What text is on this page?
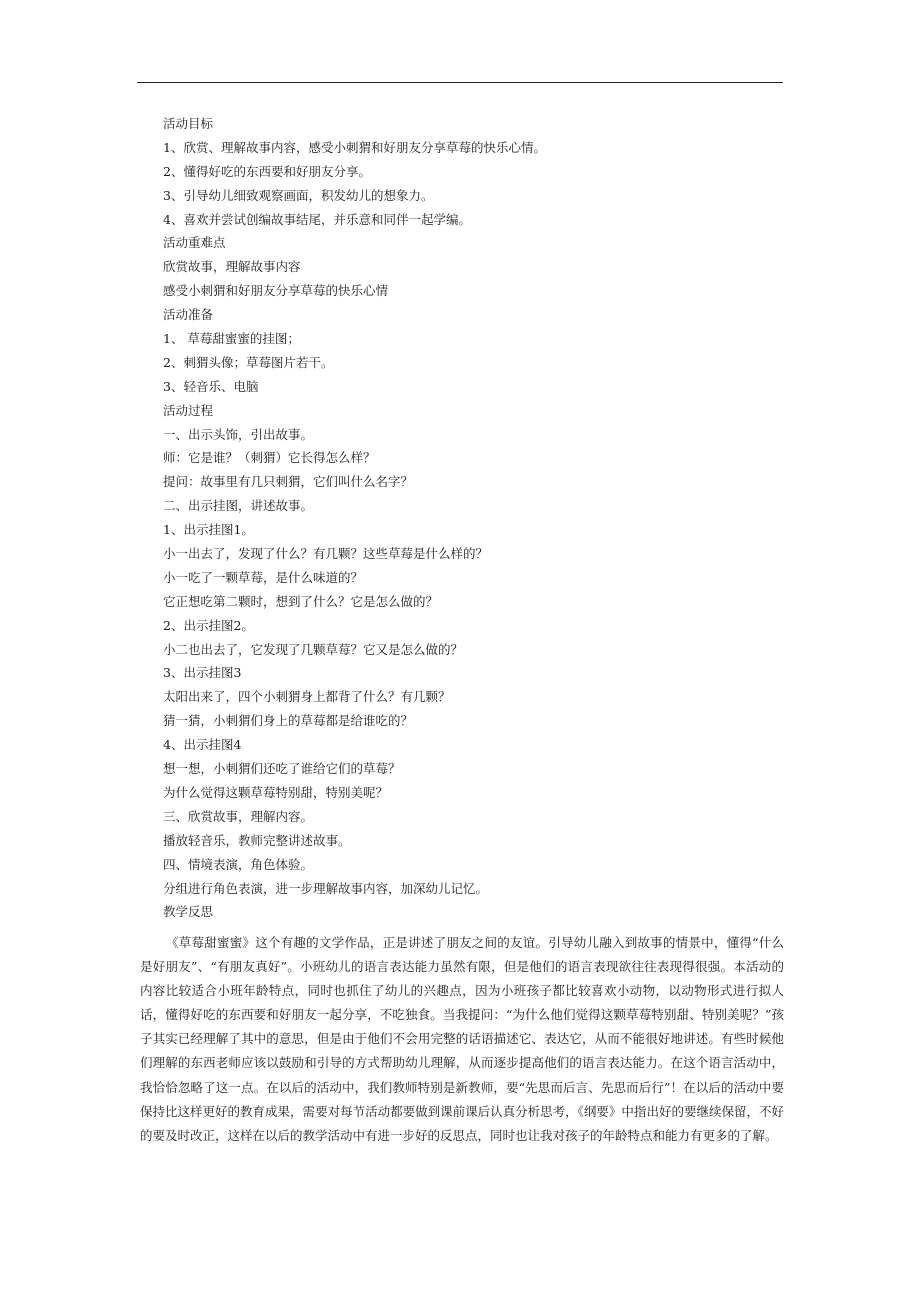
活动目标
1、欣赏、理解故事内容，感受小刺猬和好朋友分享草莓的快乐心情。
2、懂得好吃的东西要和好朋友分享。
3、引导幼儿细致观察画面，积发幼儿的想象力。
4、喜欢并尝试创编故事结尾，并乐意和同伴一起学编。
活动重难点
欣赏故事，理解故事内容
感受小刺猬和好朋友分享草莓的快乐心情
活动准备
1、 草莓甜蜜蜜的挂图；
2、刺猬头像；草莓图片若干。
3、轻音乐、电脑
活动过程
一、出示头饰，引出故事。
师：它是谁？（刺猬）它长得怎么样？
提问：故事里有几只刺猬，它们叫什么名字？
二、出示挂图，讲述故事。
1、出示挂图1。
小一出去了，发现了什么？有几颗？这些草莓是什么样的？
小一吃了一颗草莓，是什么味道的？
它正想吃第二颗时，想到了什么？它是怎么做的？
2、出示挂图2。
小二也出去了，它发现了几颗草莓？它又是怎么做的？
3、出示挂图3
太阳出来了，四个小刺猬身上都背了什么？有几颗？
猜一猜，小刺猬们身上的草莓都是给谁吃的？
4、出示挂图4
想一想，小刺猬们还吃了谁给它们的草莓？
为什么觉得这颗草莓特别甜，特别美呢？
三、欣赏故事，理解内容。
播放轻音乐，教师完整讲述故事。
四、情境表演，角色体验。
分组进行角色表演，进一步理解故事内容，加深幼儿记忆。
教学反思

《草莓甜蜜蜜》这个有趣的文学作品，正是讲述了朋友之间的友谊。引导幼儿融入到故事的情景中，懂得“什么是好朋友”、“有朋友真好”。小班幼儿的语言表达能力虽然有限，但是他们的语言表现欲往往表现得很强。本活动的内容比较适合小班年龄特点，同时也抓住了幼儿的兴趣点，因为小班孩子都比较喜欢小动物，以动物形式进行拟人话，懂得好吃的东西要和好朋友一起分享，不吃独食。当我提问：“为什么他们觉得这颗草莓特别甜、特别美呢？”孩子其实已经理解了其中的意思，但是由于他们不会用完整的话语描述它、表达它，从而不能很好地讲述。有些时候他们理解的东西老师应该以鼓励和引导的方式帮助幼儿理解，从而逐步提高他们的语言表达能力。在这个语言活动中，我恰恰忽略了这一点。在以后的活动中，我们教师特别是新教师，要“先思而后言、先思而后行”！在以后的活动中要保持比这样更好的教育成果，需要对每节活动都要做到课前课后认真分析思考，《纲要》中指出好的要继续保留，不好的要及时改正，这样在以后的教学活动中有进一步好的反思点，同时也让我对孩子的年龄特点和能力有更多的了解。
